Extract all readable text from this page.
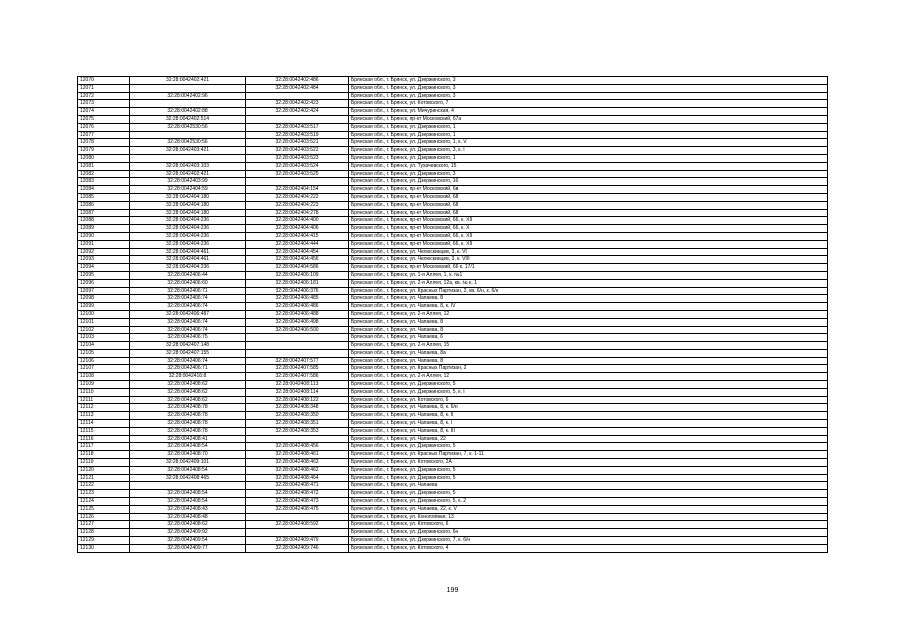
12070	32:28:0042402:421	32:28:0042402:486	Брянская обл., г. Брянск, ул. Дзержинского, 3
12071		32:28:0042402:484	Брянская обл., г. Брянск, ул. Дзержинского, 3
12072	32:28:0042402:96		Брянская обл., г. Брянск, ул. Дзержинского, 3
12073		32:28:0042402:423	Брянская обл., г. Брянск, ул. Котовского, 7
12074	32:28:0042402:88	32:28:0042402:424	Брянская обл., г. Брянск, ул. Мичуринская, 4
12075	32:28:0042402:514		Брянская обл., г. Брянск, пр-кт Московский, 67а
12076	32:28:0042530:56	32:28:0042403:517	Брянская обл., г. Брянск, ул. Дзержинского, 1
12077		32:28:0042403:519	Брянская обл., г. Брянск, ул. Дзержинского, 1
12078	32:28:0042530:56	32:28:0042403:521	Брянская обл., г. Брянск, ул. Дзержинского, 1, к. V
12079	32:28:0042403:421	32:28:0042403:522	Брянская обл., г. Брянск, ул. Дзержинского, 3, к. I
12080		32:28:0042403:523	Брянская обл., г. Брянск, ул. Дзержинского, 1
12081	32:28:0042403:103	32:28:0042403:524	Брянская обл., г. Брянск, ул. Тухачевского, 15
12082	32:28:0042402:421	32:28:0042403:525	Брянская обл., г. Брянск, ул. Дзержинского, 3
12083	32:28:0042403:99		Брянская обл., г. Брянск, ул. Дзержинского, 16
12084	32:28:0042404:59	32:28:0042404:154	Брянская обл., г. Брянск, пр-кт Московский, 6в
12085	32:28:0042404:180	32:28:0042404:222	Брянская обл., г. Брянск, пр-кт Московский, 68
12086	32:28:0042404:180	32:28:0042404:223	Брянская обл., г. Брянск, пр-кт Московский, 68
12087	32:28:0042404:180	32:28:0042404:278	Брянская обл., г. Брянск, пр-кт Московский, 68
12088	32:28:0042404:236	32:28:0042404:400	Брянская обл., г. Брянск, пр-кт Московский, 66, к. XII
12089	32:28:0042404:236	32:28:0042404:406	Брянская обл., г. Брянск, пр-кт Московский, 66, к. X
12090	32:28:0042404:236	32:28:0042404:415	Брянская обл., г. Брянск, пр-кт Московский, 66, к. XII
12091	32:28:0042404:236	32:28:0042404:444	Брянская обл., г. Брянск, пр-кт Московский, 66, к. XII
12092	32:28:0042404:461	32:28:0042404:454	Брянская обл., г. Брянск, ул. Челюскинцев, 3, к. VI
12093	32:28:0042404:461	32:28:0042404:456	Брянская обл., г. Брянск, ул. Челюскинцев, 3, к. VIII
12094	32:28:0042404:236	32:28:0042404:586	Брянская обл., г. Брянск, пр-кт Московский, 66 к. 17/1
12095	32:28:0042406:44	32:28:0042406:109	Брянская обл., г. Брянск, ул. 1-я Аллея, 1, к. №1
12096	32:28:0042406:60	32:28:0042406:181	Брянская обл., г. Брянск, ул. 2-я Аллея, 12а, кв. № к. 1
12097	32:28:0042406:71	32:28:0042406:376	Брянская обл., г. Брянск, ул. Красных Партизан, 2, кв. 6/н, к. 6/н
12098	32:28:0042406:74	32:28:0042406:485	Брянская обл., г. Брянск, ул. Чапаева, 8
12099	32:28:0042406:74	32:28:0042406:486	Брянская обл., г. Брянск, ул. Чапаева, 8, к. IV
12100	32:28:0042406:487	32:28:0042406:488	Брянская обл., г. Брянск, ул. 2-я Аллея, 12
12101	32:28:0042406:74	32:28:0042406:498	Брянская обл., г. Брянск, ул. Чапаева, 8
12102	32:28:0042406:74	32:28:0042406:500	Брянская обл., г. Брянск, ул. Чапаева, 8
12103	32:28:0042406:75		Брянская обл., г. Брянск, ул. Чапаева, 6
12104	32:28:0042407:148		Брянская обл., г. Брянск, ул. 2-я Аллея, 15
12105	32:28:0042407:155		Брянская обл., г. Брянск, ул. Чапаева, 8а
12106	32:28:0042406:74	32:28:0042407:577	Брянская обл., г. Брянск, ул. Чапаева, 8
12107	32:28:0042406:71	32:28:0042407:585	Брянская обл., г. Брянск, ул. Красных Партизан, 2
12108	32:28:0042416:8	32:28:0042407:586	Брянская обл., г. Брянск, ул. 2-я Аллея, 12
12109	32:28:0042408:62	32:28:0042408:113	Брянская обл., г. Брянск, ул. Дзержинского, 5
12110	32:28:0042408:62	32:28:0042408:114	Брянская обл., г. Брянск, ул. Дзержинского, 5, к. I
12111	32:28:0042408:62	32:28:0042408:122	Брянская обл., г. Брянск, ул. Котовского, 6
12112	32:28:0042408:78	32:28:0042408:348	Брянская обл., г. Брянск, ул. Чапаева, 8, к. 6/н
12113	32:28:0042408:78	32:28:0042408:350	Брянская обл., г. Брянск, ул. Чапаева, 8, к. II
12114	32:28:0042408:78	32:28:0042408:351	Брянская обл., г. Брянск, ул. Чапаева, 8, к. I
12115	32:28:0042408:78	32:28:0042408:353	Брянская обл., г. Брянск, ул. Чапаева, 8, к. III
12116	32:28:0042408:41		Брянская обл., г. Брянск, ул. Чапаева, 22
12117	32:28:0042408:54	32:28:0042408:456	Брянская обл., г. Брянск, ул. Дзержинского, 5
12118	32:28:0042408:70	32:28:0042408:461	Брянская обл., г. Брянск, ул. Красных Партизан, 7, к. 1-11
12119	32:28:0042409:101	32:28:0042408:463	Брянская обл., г. Брянск, ул. Котовского, 2А
12120	32:28:0042408:54	32:28:0042408:462	Брянская обл., г. Брянск, ул. Дзержинского, 5
12121	32:28:0042408:465	32:28:0042408:464	Брянская обл., г. Брянск, ул. Дзержинского, 5
12122		32:28:0042408:471	Брянская обл., г. Брянск, ул. Чапаева
12123	32:28:0042408:54	32:28:0042408:472	Брянская обл., г. Брянск, ул. Дзержинского, 5
12124	32:28:0042408:54	32:28:0042408:473	Брянская обл., г. Брянск, ул. Дзержинского, 5, к. 2
12125	32:28:0042408:43	32:28:0042408:475	Брянская обл., г. Брянск, ул. Чапаева, 22, к. V
12126	32:28:0042408:48		Брянская обл., г. Брянск, ул. Коноплёвая, 13
12127	32:28:0042408:62	32:28:0042408:592	Брянская обл., г. Брянск, ул. Котовского, 6
12128	32:28:0042409:92		Брянская обл., г. Брянск, ул. Дзержинского, 6н
12129	32:28:0042409:54	32:28:0042409:479	Брянская обл., г. Брянск, ул. Дзержинского, 7, к. 6/н
12130	32:28:0042409:77	32:28:0042409:746	Брянская обл., г. Брянск, ул. Котовского, 4
199
